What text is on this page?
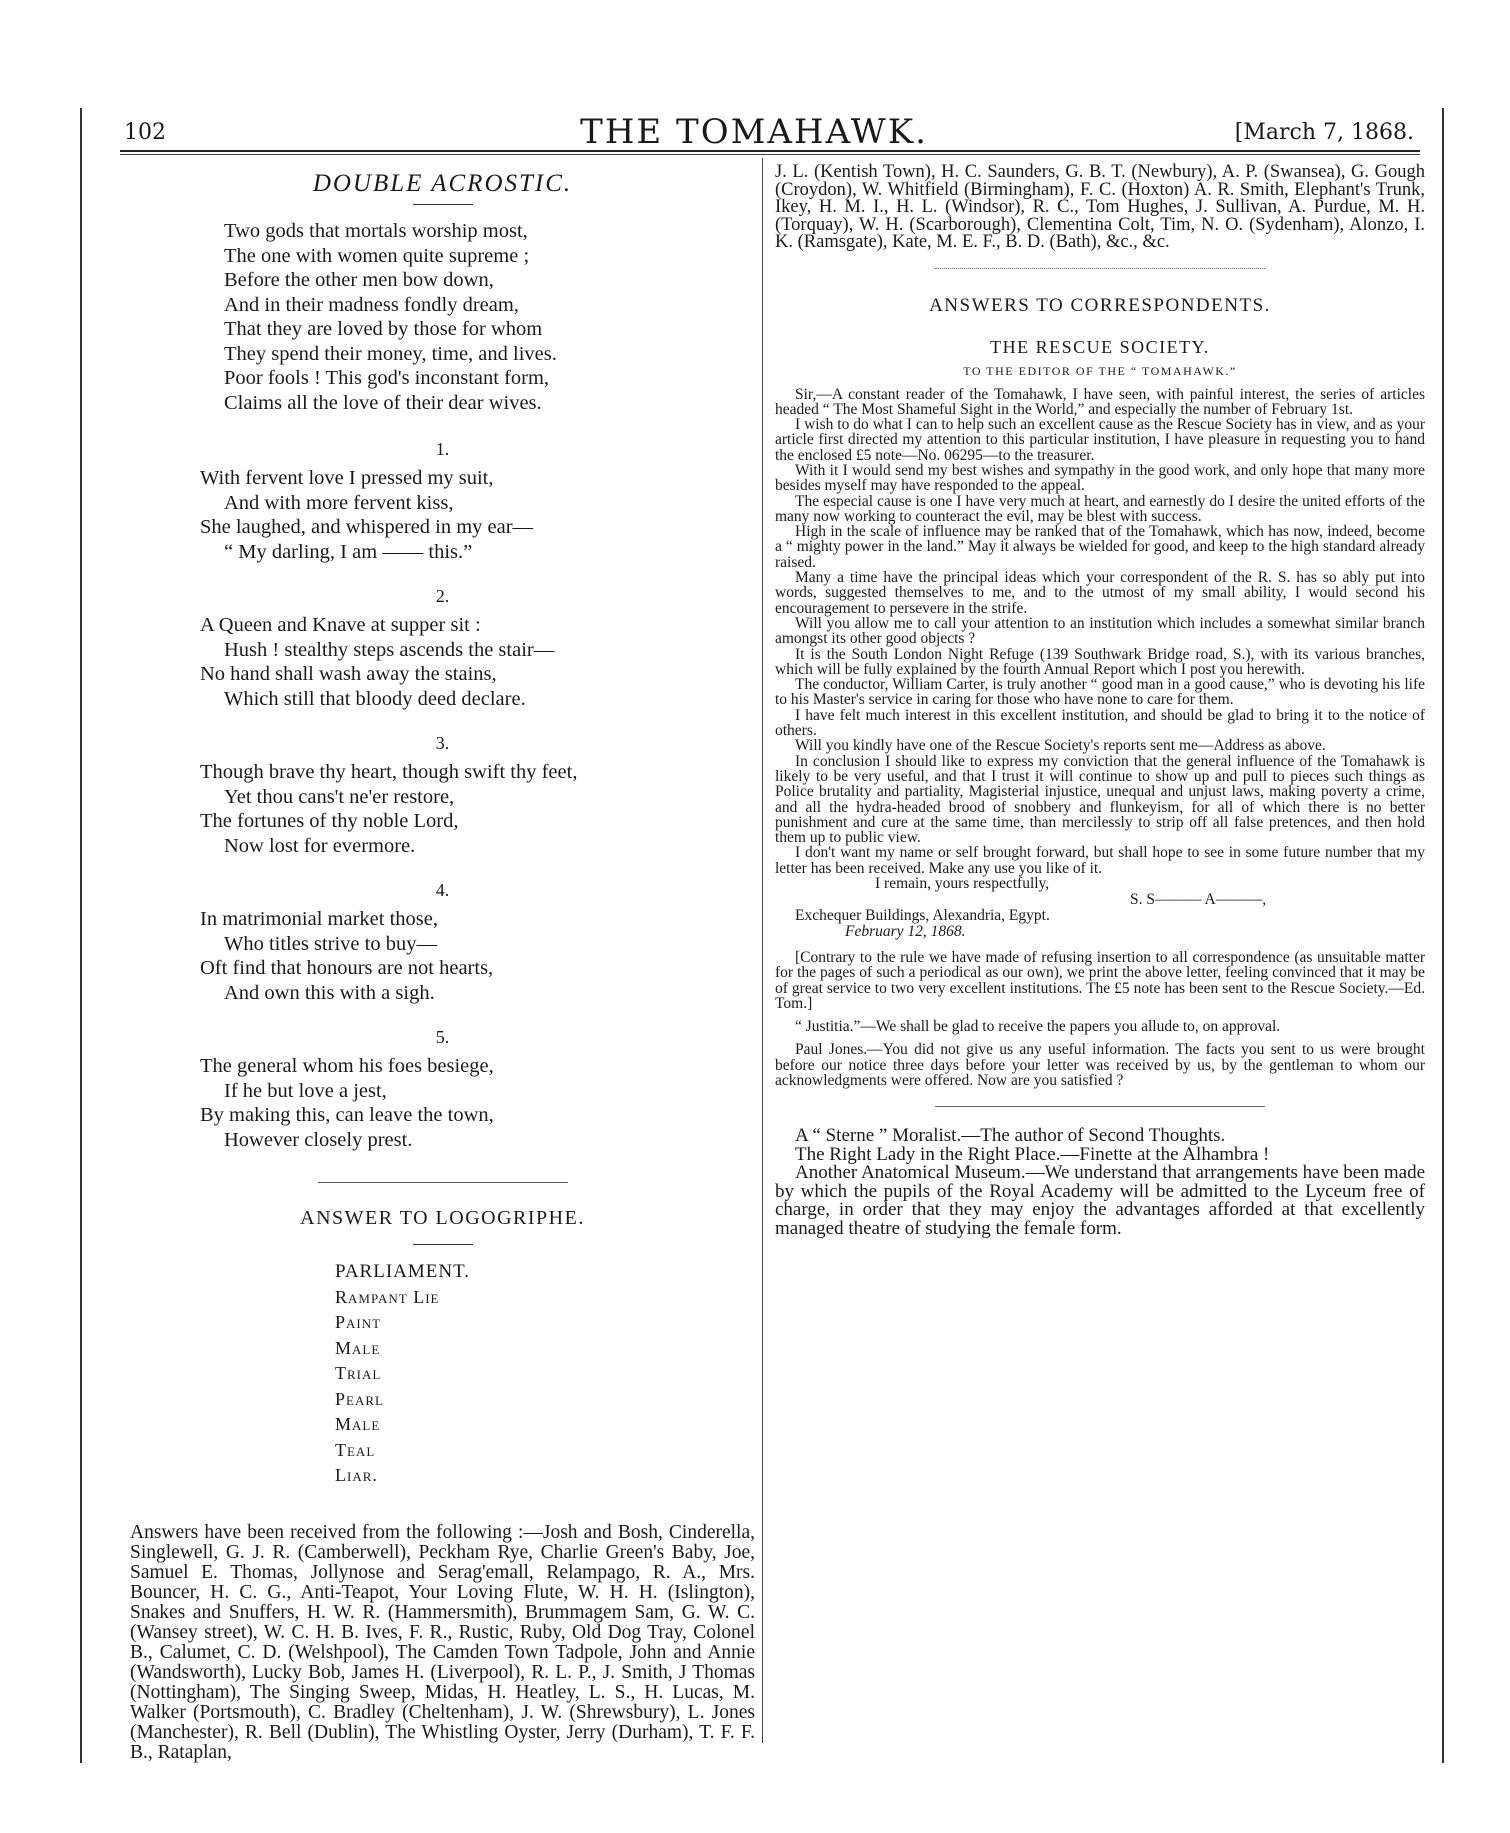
102	THE TOMAHAWK.	[March 7, 1868.
DOUBLE ACROSTIC.
Two gods that mortals worship most,
The one with women quite supreme ;
Before the other men bow down,
And in their madness fondly dream,
That they are loved by those for whom
They spend their money, time, and lives.
Poor fools ! This god's inconstant form,
Claims all the love of their dear wives.
1.
With fervent love I pressed my suit,
And with more fervent kiss,
She laughed, and whispered in my ear—
“ My darling, I am —— this.”
2.
A Queen and Knave at supper sit :
Hush ! stealthy steps ascends the stair—
No hand shall wash away the stains,
Which still that bloody deed declare.
3.
Though brave thy heart, though swift thy feet,
Yet thou cans't ne'er restore,
The fortunes of thy noble Lord,
Now lost for evermore.
4.
In matrimonial market those,
Who titles strive to buy—
Oft find that honours are not hearts,
And own this with a sigh.
5.
The general whom his foes besiege,
If he but love a jest,
By making this, can leave the town,
However closely prest.
ANSWER TO LOGOGRIPHE.
PARLIAMENT.
Rampant Lie
Paint
Male
Trial
Pearl
Male
Teal
Liar.

Answers have been received from the following :—Josh and Bosh, Cinderella, Singlewell, G. J. R. (Camberwell), Peckham Rye, Charlie Green's Baby, Joe, Samuel E. Thomas, Jollynose and Serag'emall, Relampago, R. A., Mrs. Bouncer, H. C. G., Anti-Teapot, Your Loving Flute, W. H. H. (Islington), Snakes and Snuffers, H. W. R. (Hammersmith), Brummagem Sam, G. W. C. (Wansey street), W. C. H. B. Ives, F. R., Rustic, Ruby, Old Dog Tray, Colonel B., Calumet, C. D. (Welshpool), The Camden Town Tadpole, John and Annie (Wandsworth), Lucky Bob, James H. (Liverpool), R. L. P., J. Smith, J Thomas (Nottingham), The Singing Sweep, Midas, H. Heatley, L. S., H. Lucas, M. Walker (Portsmouth), C. Bradley (Cheltenham), J. W. (Shrewsbury), L. Jones (Manchester), R. Bell (Dublin), The Whistling Oyster, Jerry (Durham), T. F. F. B., Rataplan,

J. L. (Kentish Town), H. C. Saunders, G. B. T. (Newbury), A. P. (Swansea), G. Gough (Croydon), W. Whitfield (Birmingham), F. C. (Hoxton) A. R. Smith, Elephant's Trunk, Ikey, H. M. I., H. L. (Windsor), R. C., Tom Hughes, J. Sullivan, A. Purdue, M. H. (Torquay), W. H. (Scarborough), Clementina Colt, Tim, N. O. (Sydenham), Alonzo, I. K. (Ramsgate), Kate, M. E. F., B. D. (Bath), &c., &c.
ANSWERS TO CORRESPONDENTS.
THE RESCUE SOCIETY.
TO THE EDITOR OF THE “ TOMAHAWK.”

Sir,—A constant reader of the Tomahawk, I have seen, with painful interest, the series of articles headed “ The Most Shameful Sight in the World,” and especially the number of February 1st.

I wish to do what I can to help such an excellent cause as the Rescue Society has in view, and as your article first directed my attention to this particular institution, I have pleasure in requesting you to hand the enclosed £5 note—No. 06295—to the treasurer.

With it I would send my best wishes and sympathy in the good work, and only hope that many more besides myself may have responded to the appeal.

The especial cause is one I have very much at heart, and earnestly do I desire the united efforts of the many now working to counteract the evil, may be blest with success.

High in the scale of influence may be ranked that of the Tomahawk, which has now, indeed, become a “ mighty power in the land.” May it always be wielded for good, and keep to the high standard already raised.

Many a time have the principal ideas which your correspondent of the R. S. has so ably put into words, suggested themselves to me, and to the utmost of my small ability, I would second his encouragement to persevere in the strife.

Will you allow me to call your attention to an institution which includes a somewhat similar branch amongst its other good objects ?

It is the South London Night Refuge (139 Southwark Bridge road, S.), with its various branches, which will be fully explained by the fourth Annual Report which I post you herewith.

The conductor, William Carter, is truly another “ good man in a good cause,” who is devoting his life to his Master's service in caring for those who have none to care for them.

I have felt much interest in this excellent institution, and should be glad to bring it to the notice of others.

Will you kindly have one of the Rescue Society's reports sent me—Address as above.

In conclusion I should like to express my conviction that the general influence of the Tomahawk is likely to be very useful, and that I trust it will continue to show up and pull to pieces such things as Police brutality and partiality, Magisterial injustice, unequal and unjust laws, making poverty a crime, and all the hydra-headed brood of snobbery and flunkeyism, for all of which there is no better punishment and cure at the same time, than mercilessly to strip off all false pretences, and then hold them up to public view.

I don't want my name or self brought forward, but shall hope to see in some future number that my letter has been received. Make any use you like of it.

I remain, yours respectfully,
S. S——— A———,
Exchequer Buildings, Alexandria, Egypt.
February 12, 1868.

[Contrary to the rule we have made of refusing insertion to all correspondence (as unsuitable matter for the pages of such a periodical as our own), we print the above letter, feeling convinced that it may be of great service to two very excellent institutions. The £5 note has been sent to the Rescue Society.—Ed. Tom.]

“ Justitia.”—We shall be glad to receive the papers you allude to, on approval.

Paul Jones.—You did not give us any useful information. The facts you sent to us were brought before our notice three days before your letter was received by us, by the gentleman to whom our acknowledgments were offered. Now are you satisfied ?

A “ Sterne ” Moralist.—The author of Second Thoughts.

The Right Lady in the Right Place.—Finette at the Alhambra !

Another Anatomical Museum.—We understand that arrangements have been made by which the pupils of the Royal Academy will be admitted to the Lyceum free of charge, in order that they may enjoy the advantages afforded at that excellently managed theatre of studying the female form.
